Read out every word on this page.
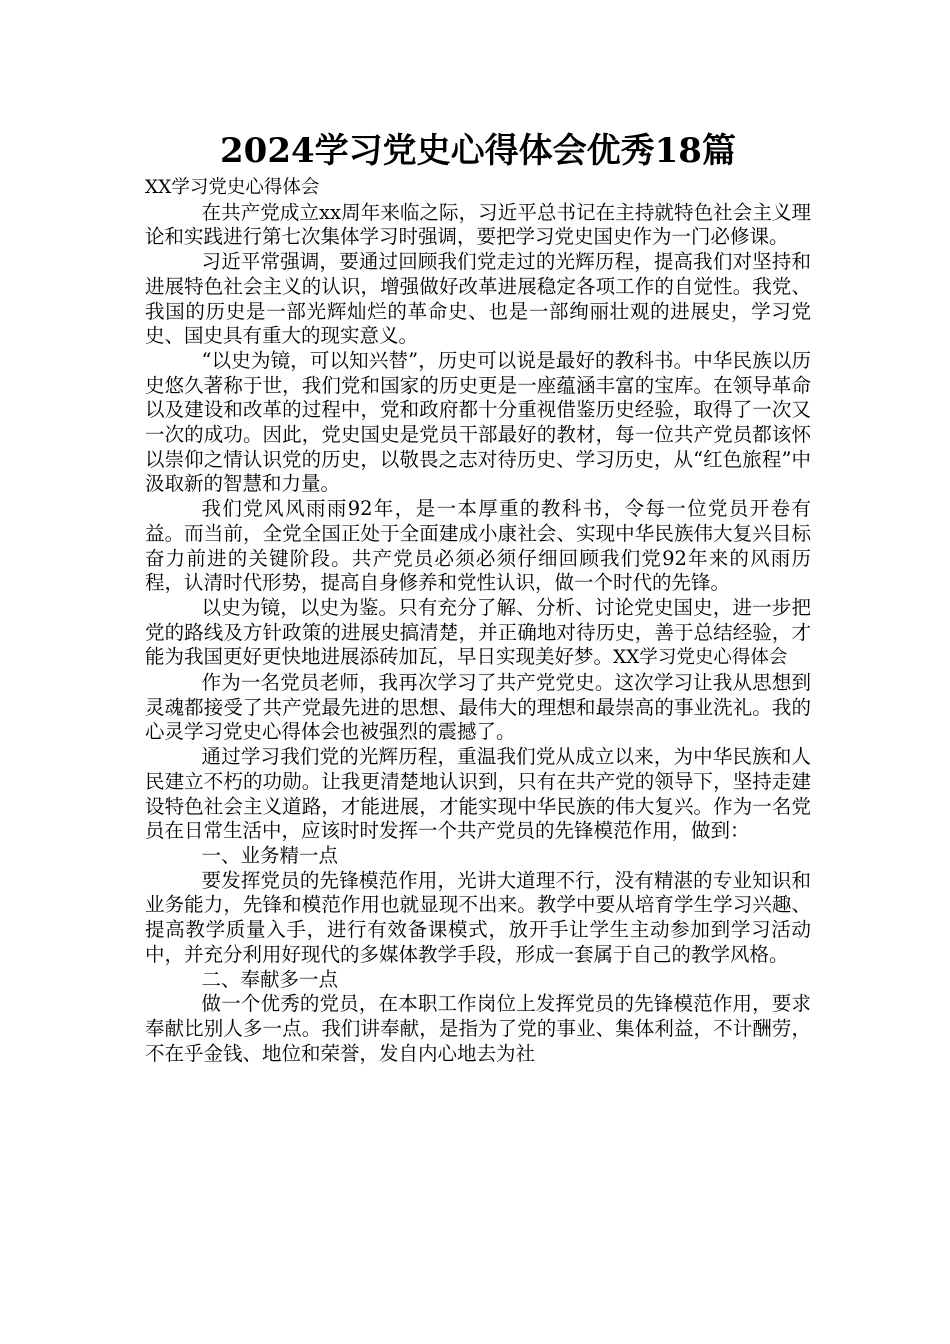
2024学习党史心得体会优秀18篇

XX学习党史心得体会

在共产党成立xx周年来临之际，习近平总书记在主持就特色社会主义理论和实践进行第七次集体学习时强调，要把学习党史国史作为一门必修课。

习近平常强调，要通过回顾我们党走过的光辉历程，提高我们对坚持和进展特色社会主义的认识，增强做好改革进展稳定各项工作的自觉性。我党、我国的历史是一部光辉灿烂的革命史、也是一部绚丽壮观的进展史，学习党史、国史具有重大的现实意义。

“以史为镜，可以知兴替”，历史可以说是最好的教科书。中华民族以历史悠久著称于世，我们党和国家的历史更是一座蕴涵丰富的宝库。在领导革命以及建设和改革的过程中，党和政府都十分重视借鉴历史经验，取得了一次又一次的成功。因此，党史国史是党员干部最好的教材，每一位共产党员都该怀以崇仰之情认识党的历史，以敬畏之志对待历史、学习历史，从“红色旅程”中汲取新的智慧和力量。

我们党风风雨雨92年，是一本厚重的教科书，令每一位党员开卷有益。而当前，全党全国正处于全面建成小康社会、实现中华民族伟大复兴目标奋力前进的关键阶段。共产党员必须必须仔细回顾我们党92年来的风雨历程，认清时代形势，提高自身修养和党性认识，做一个时代的先锋。

以史为镜，以史为鉴。只有充分了解、分析、讨论党史国史，进一步把党的路线及方针政策的进展史搞清楚，并正确地对待历史，善于总结经验，才能为我国更好更快地进展添砖加瓦，早日实现美好梦。XX学习党史心得体会

作为一名党员老师，我再次学习了共产党党史。这次学习让我从思想到灵魂都接受了共产党最先进的思想、最伟大的理想和最崇高的事业洗礼。我的心灵学习党史心得体会也被强烈的震撼了。

通过学习我们党的光辉历程，重温我们党从成立以来，为中华民族和人民建立不朽的功勋。让我更清楚地认识到，只有在共产党的领导下，坚持走建设特色社会主义道路，才能进展，才能实现中华民族的伟大复兴。作为一名党员在日常生活中，应该时时发挥一个共产党员的先锋模范作用，做到：

一、业务精一点

要发挥党员的先锋模范作用，光讲大道理不行，没有精湛的专业知识和业务能力，先锋和模范作用也就显现不出来。教学中要从培育学生学习兴趣、提高教学质量入手，进行有效备课模式，放开手让学生主动参加到学习活动中，并充分利用好现代的多媒体教学手段，形成一套属于自己的教学风格。

二、奉献多一点

做一个优秀的党员，在本职工作岗位上发挥党员的先锋模范作用，要求奉献比别人多一点。我们讲奉献，是指为了党的事业、集体利益，不计酬劳，不在乎金钱、地位和荣誉，发自内心地去为社
